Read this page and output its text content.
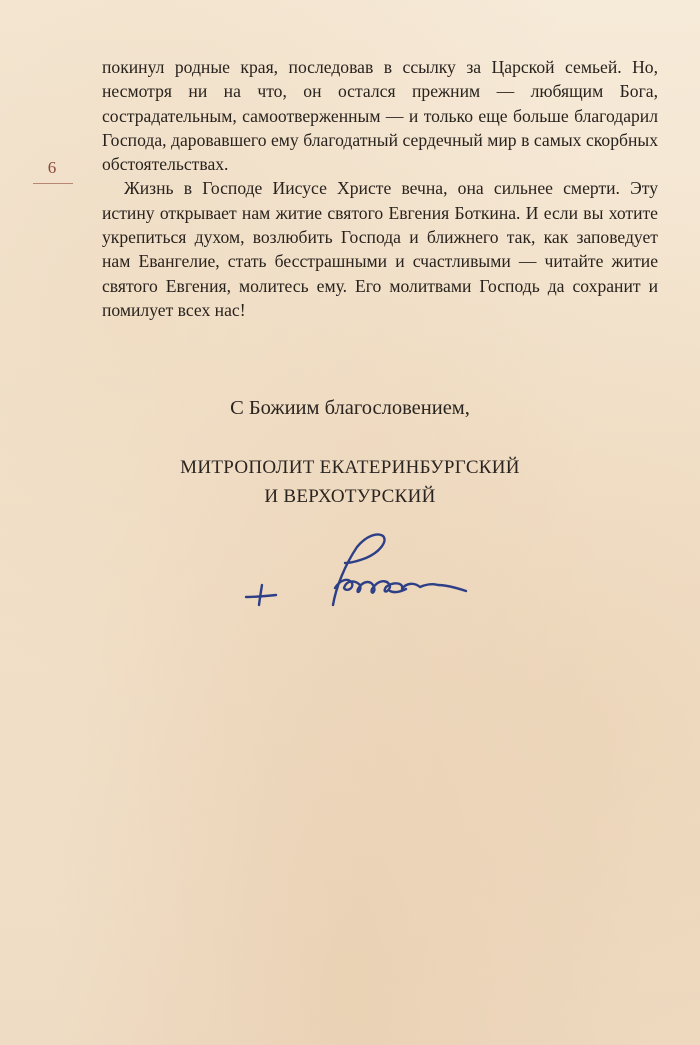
6

покинул родные края, последовав в ссылку за Царской семьей. Но, несмотря ни на что, он остался прежним — любящим Бога, сострадательным, самоотверженным — и только еще больше благодарил Господа, даровавшего ему благодатный сердечный мир в самых скорбных обстоятельствах.

Жизнь в Господе Иисусе Христе вечна, она сильнее смерти. Эту истину открывает нам житие святого Евгения Боткина. И если вы хотите укрепиться духом, возлюбить Господа и ближнего так, как заповедует нам Евангелие, стать бесстрашными и счастливыми — читайте житие святого Евгения, молитесь ему. Его молитвами Господь да сохранит и помилует всех нас!

С Божиим благословением,
МИТРОПОЛИТ ЕКАТЕРИНБУРГСКИЙ
И ВЕРХОТУРСКИЙ
